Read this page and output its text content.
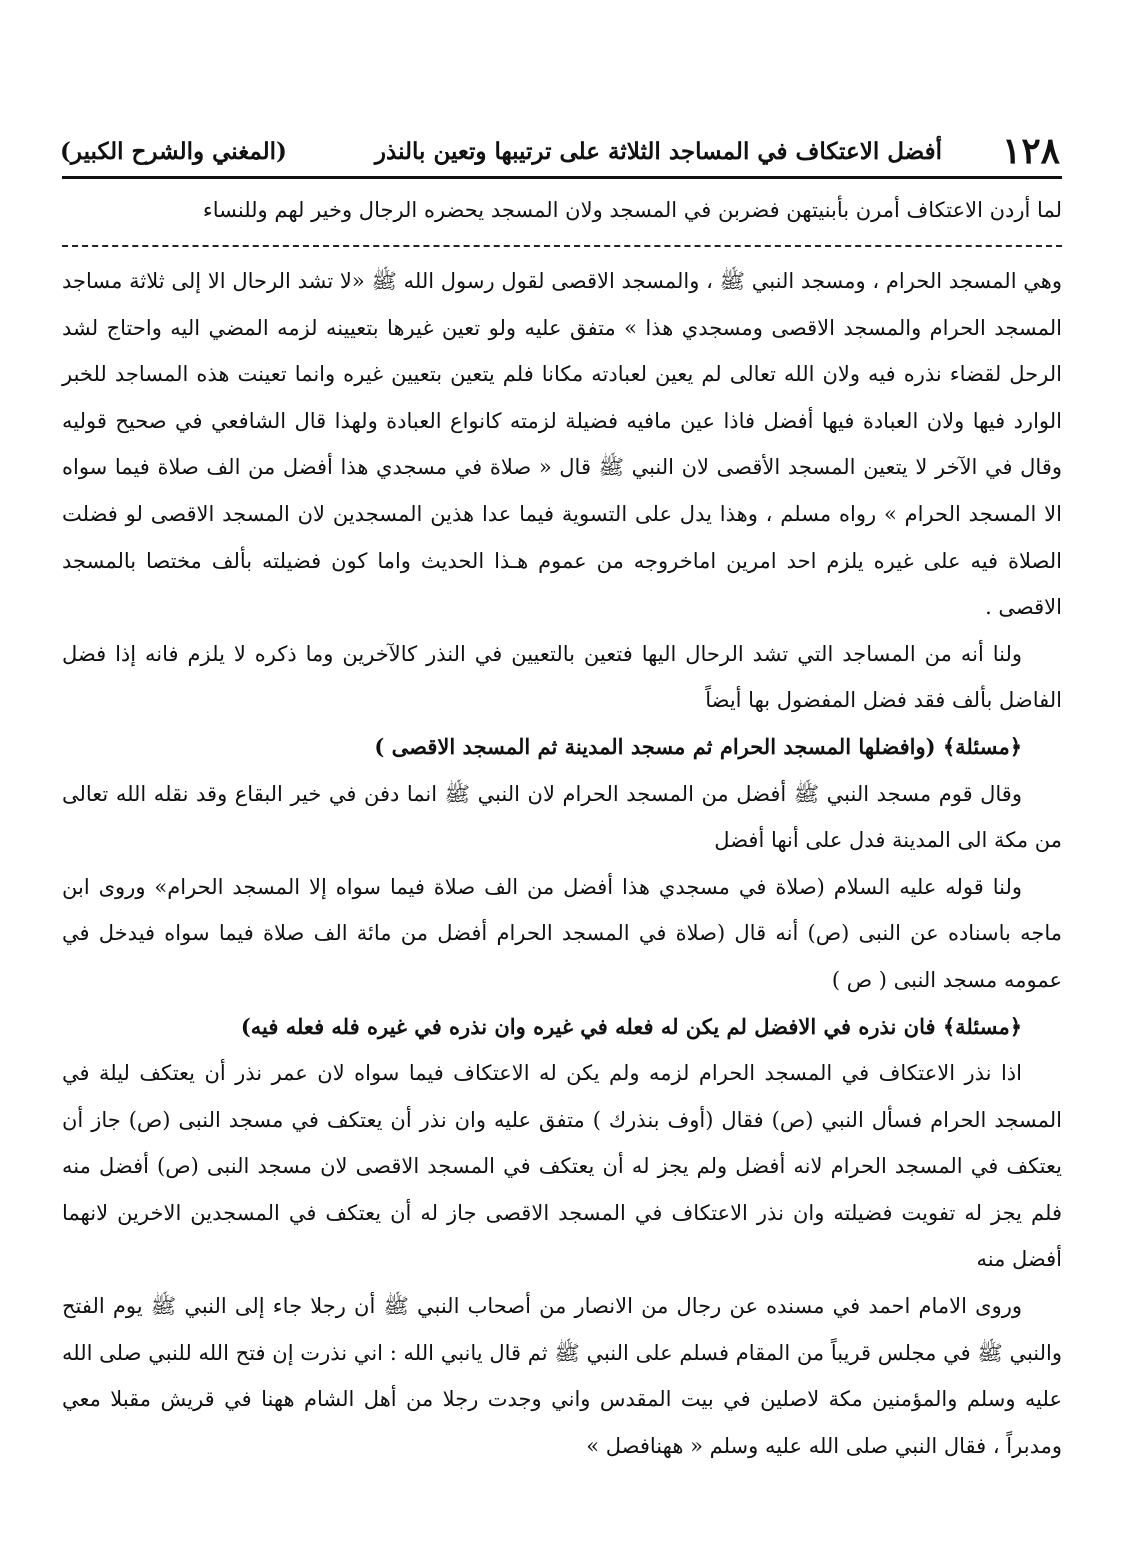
١٢٨
أفضل الاعتكاف في المساجد الثلاثة على ترتيبها وتعين بالنذر
(المغني والشرح الكبير)
لما أردن الاعتكاف أمرن بأبنيتهن فضربن في المسجد ولان المسجد يحضره الرجال وخير لهم وللنساء

وهي المسجد الحرام ، ومسجد النبي ﷺ ، والمسجد الاقصى لقول رسول الله ﷺ «لا تشد الرحال الا إلى ثلاثة مساجد المسجد الحرام والمسجد الاقصى ومسجدي هذا » متفق عليه ولو تعين غيرها بتعيينه لزمه المضي اليه واحتاج لشد الرحل لقضاء نذره فيه ولان الله تعالى لم يعين لعبادته مكانا فلم يتعين بتعيين غيره وانما تعينت هذه المساجد للخبر الوارد فيها ولان العبادة فيها أفضل فاذا عين مافيه فضيلة لزمته كانواع العبادة ولهذا قال الشافعي في صحيح قوليه وقال في الآخر لا يتعين المسجد الأقصى لان النبي ﷺ قال « صلاة في مسجدي هذا أفضل من الف صلاة فيما سواه الا المسجد الحرام » رواه مسلم ، وهذا يدل على التسوية فيما عدا هذين المسجدين لان المسجد الاقصى لو فضلت الصلاة فيه على غيره يلزم احد امرين اماخروجه من عموم هـذا الحديث واما كون فضيلته بألف مختصا بالمسجد الاقصى .

ولنا أنه من المساجد التي تشد الرحال اليها فتعين بالتعيين في النذر كالآخرين وما ذكره لا يلزم فانه إذا فضل الفاضل بألف فقد فضل المفضول بها أيضاً

﴿مسئلة﴾ (وافضلها المسجد الحرام ثم مسجد المدينة ثم المسجد الاقصى )

وقال قوم مسجد النبي ﷺ أفضل من المسجد الحرام لان النبي ﷺ انما دفن في خير البقاع وقد نقله الله تعالى من مكة الى المدينة فدل على أنها أفضل

ولنا قوله عليه السلام (صلاة في مسجدي هذا أفضل من الف صلاة فيما سواه إلا المسجد الحرام» وروى ابن ماجه باسناده عن النبى (ص) أنه قال (صلاة في المسجد الحرام أفضل من مائة الف صلاة فيما سواه فيدخل في عمومه مسجد النبى ( ص )

﴿مسئلة﴾ فان نذره في الافضل لم يكن له فعله في غيره وان نذره في غيره فله فعله فيه)

اذا نذر الاعتكاف في المسجد الحرام لزمه ولم يكن له الاعتكاف فيما سواه لان عمر نذر أن يعتكف ليلة في المسجد الحرام فسأل النبي (ص) فقال (أوف بنذرك ) متفق عليه وان نذر أن يعتكف في مسجد النبى (ص) جاز أن يعتكف في المسجد الحرام لانه أفضل ولم يجز له أن يعتكف في المسجد الاقصى لان مسجد النبى (ص) أفضل منه فلم يجز له تفويت فضيلته وان نذر الاعتكاف في المسجد الاقصى جاز له أن يعتكف في المسجدين الاخرين لانهما أفضل منه

وروى الامام احمد في مسنده عن رجال من الانصار من أصحاب النبي ﷺ أن رجلا جاء إلى النبي ﷺ يوم الفتح والنبي ﷺ في مجلس قريباً من المقام فسلم على النبي ﷺ ثم قال يانبي الله : اني نذرت إن فتح الله للنبي صلى الله عليه وسلم والمؤمنين مكة لاصلين في بيت المقدس واني وجدت رجلا من أهل الشام ههنا في قريش مقبلا معي ومدبراً ، فقال النبي صلى الله عليه وسلم « ههنافصل »
